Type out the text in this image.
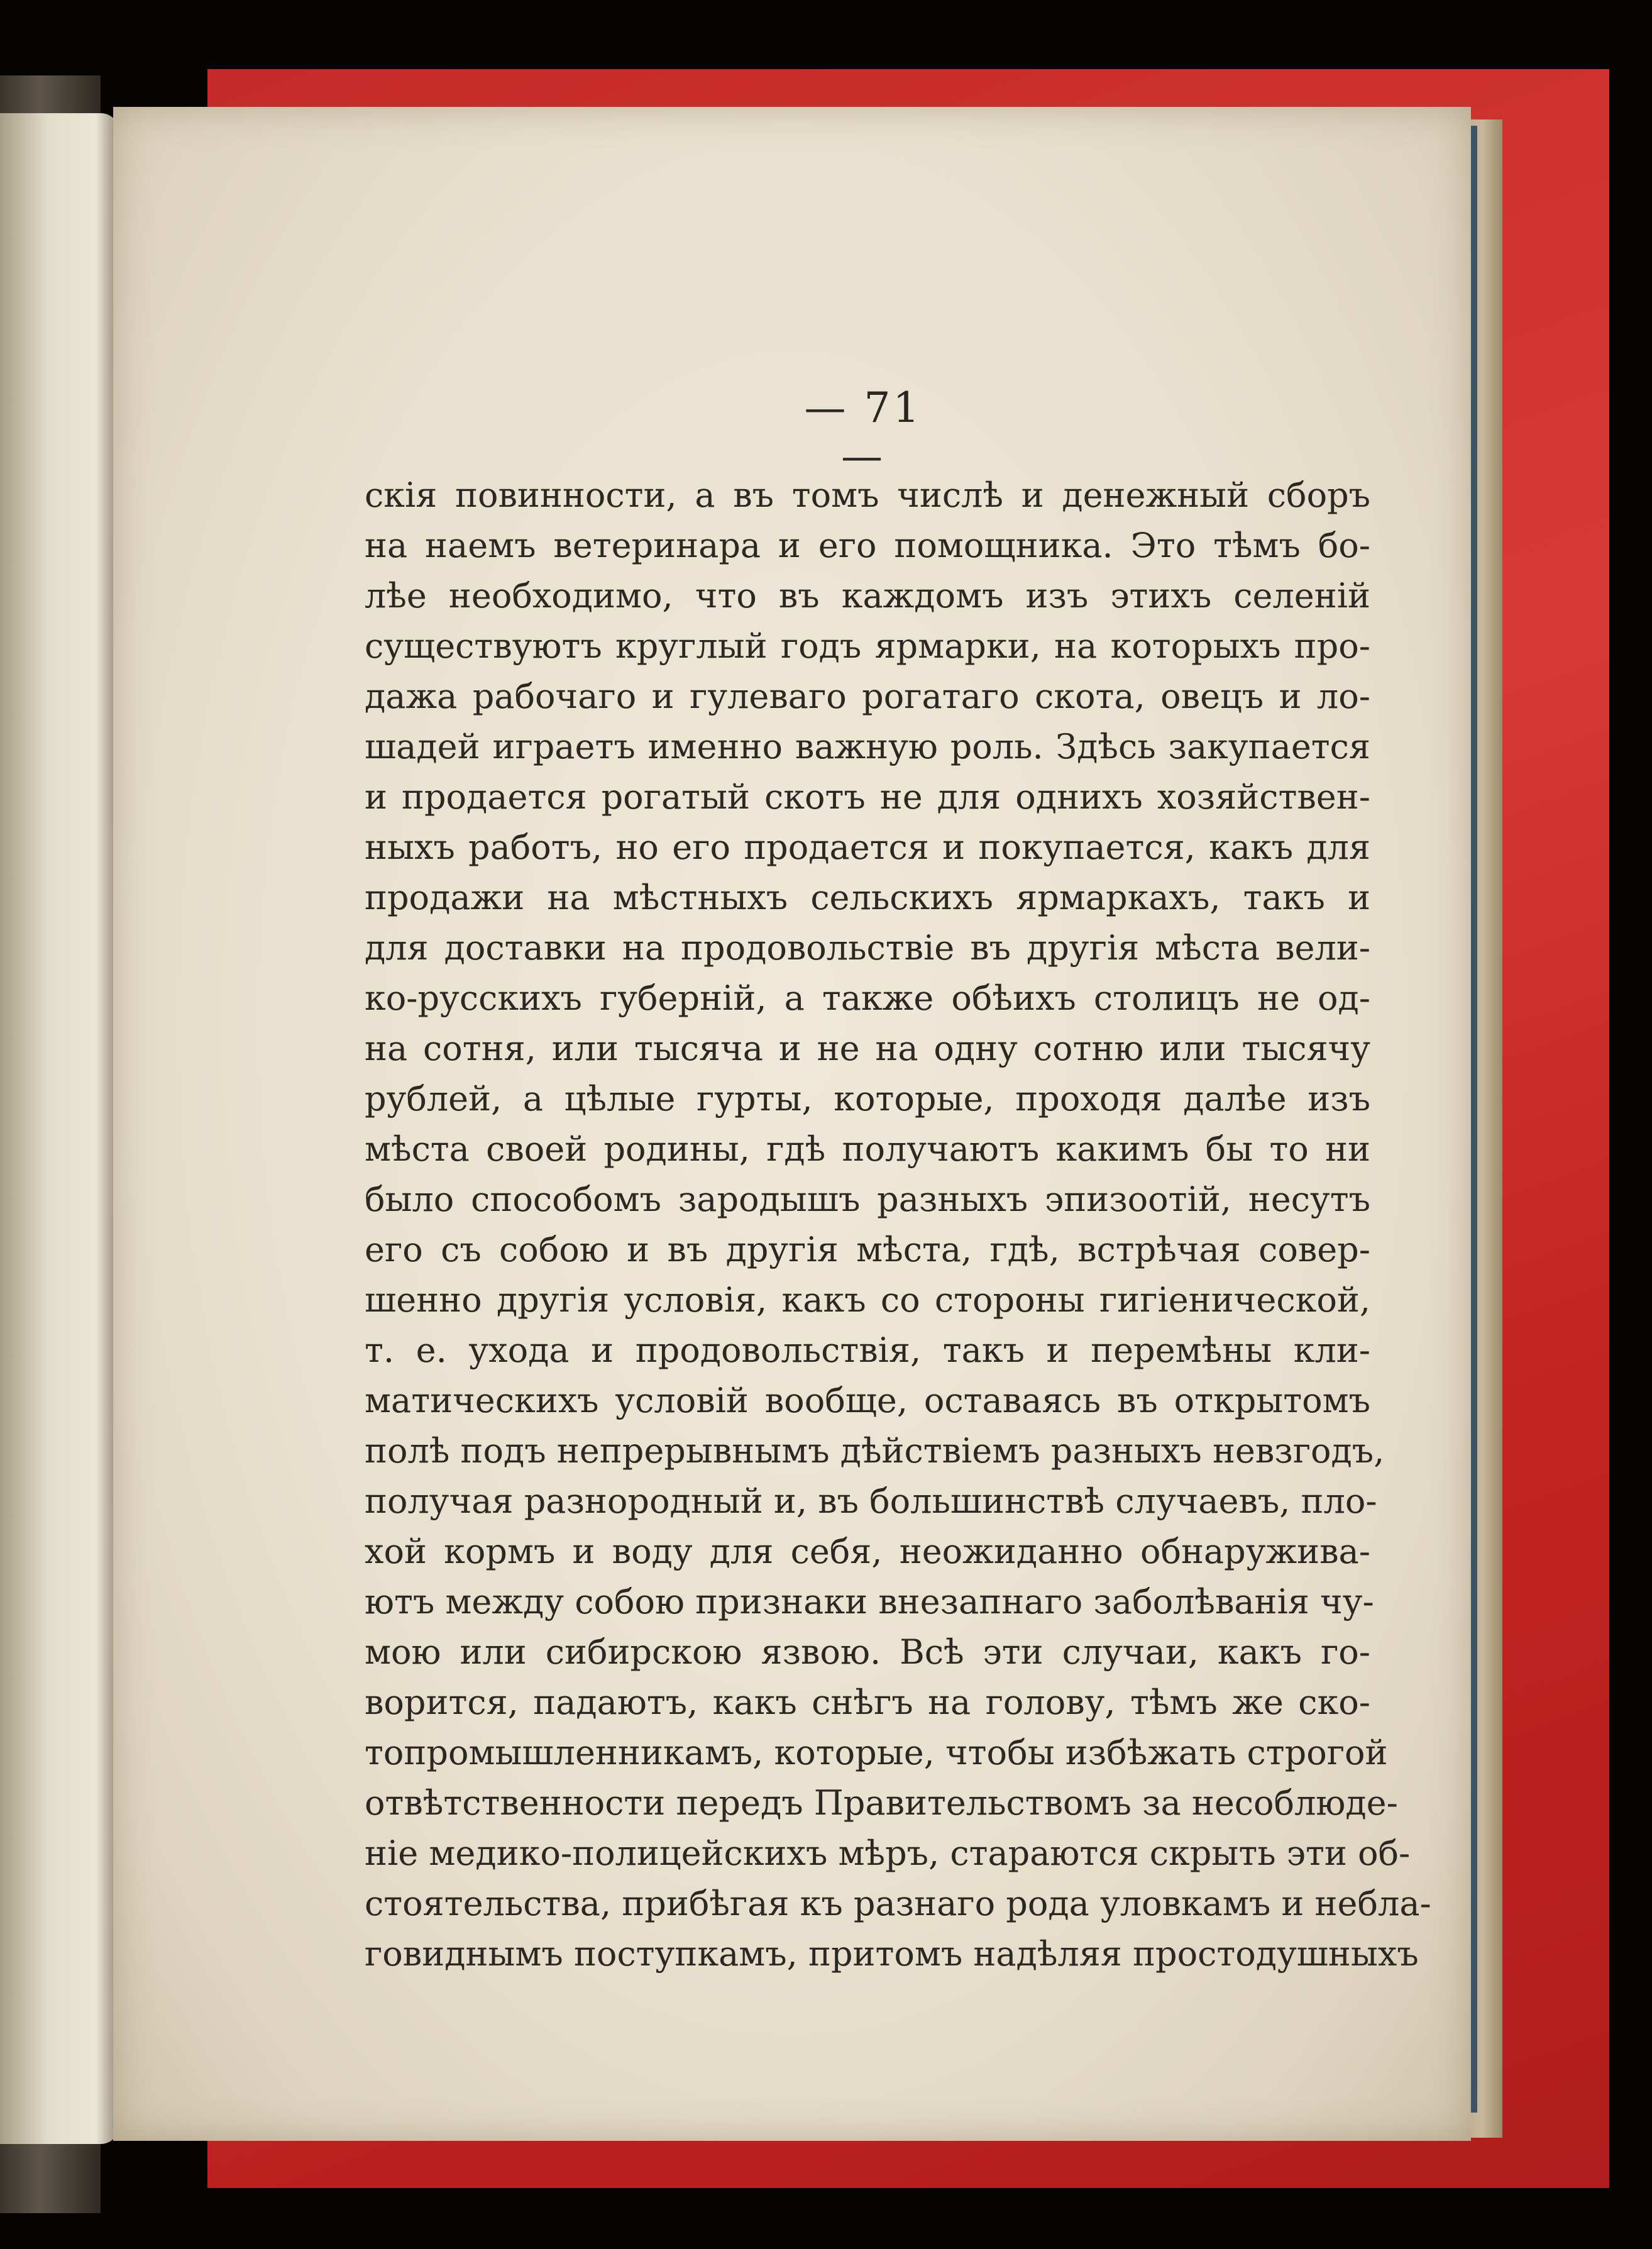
— 71 —
скія повинности, а въ томъ числѣ и денежный сборъ
на наемъ ветеринара и его помощника. Это тѣмъ бо-
лѣе необходимо, что въ каждомъ изъ этихъ селеній
существуютъ круглый годъ ярмарки, на которыхъ про-
дажа рабочаго и гулеваго рогатаго скота, овецъ и ло-
шадей играетъ именно важную роль. Здѣсь закупается
и продается рогатый скотъ не для однихъ хозяйствен-
ныхъ работъ, но его продается и покупается, какъ для
продажи на мѣстныхъ сельскихъ ярмаркахъ, такъ и
для доставки на продовольствіе въ другія мѣста вели-
ко-русскихъ губерній, а также обѣихъ столицъ не од-
на сотня, или тысяча и не на одну сотню или тысячу
рублей, а цѣлые гурты, которые, проходя далѣе изъ
мѣста своей родины, гдѣ получаютъ какимъ бы то ни
было способомъ зародышъ разныхъ эпизоотій, несутъ
его съ собою и въ другія мѣста, гдѣ, встрѣчая совер-
шенно другія условія, какъ со стороны гигіенической,
т. е. ухода и продовольствія, такъ и перемѣны кли-
матическихъ условій вообще, оставаясь въ открытомъ
полѣ подъ непрерывнымъ дѣйствіемъ разныхъ невзгодъ,
получая разнородный и, въ большинствѣ случаевъ, пло-
хой кормъ и воду для себя, неожиданно обнаружива-
ютъ между собою признаки внезапнаго заболѣванія чу-
мою или сибирскою язвою. Всѣ эти случаи, какъ го-
ворится, падаютъ, какъ снѣгъ на голову, тѣмъ же ско-
топромышленникамъ, которые, чтобы избѣжать строгой
отвѣтственности передъ Правительствомъ за несоблюде-
ніе медико-полицейскихъ мѣръ, стараются скрыть эти об-
стоятельства, прибѣгая къ разнаго рода уловкамъ и небла-
говиднымъ поступкамъ, притомъ надѣляя простодушныхъ
